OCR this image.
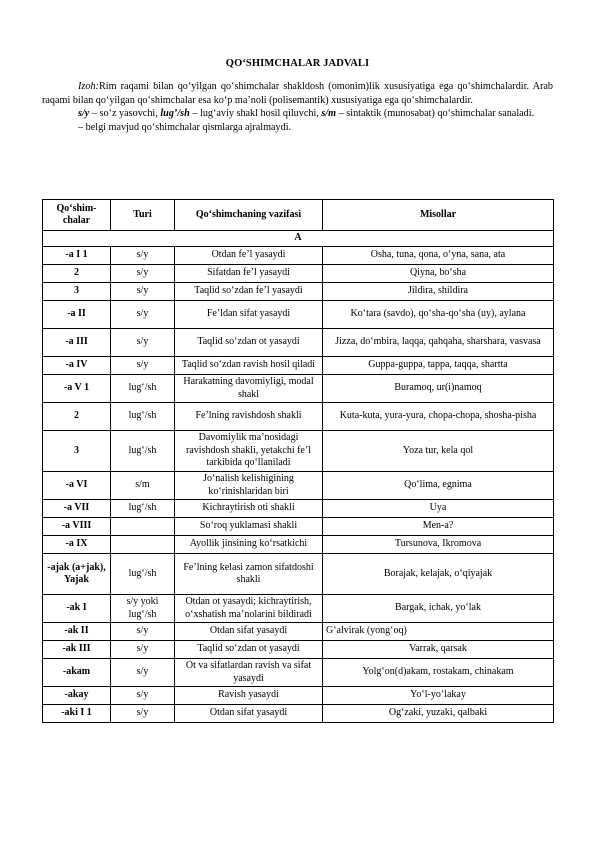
QO‘SHIMCHALAR JADVALI

Izoh:Rim raqami bilan qo‘yilgan qo‘shimchalar shakldosh (omonim)lik xususiyatiga ega qo‘shimchalardir. Arab raqami bilan qo‘yilgan qo‘shimchalar esa ko‘p ma’noli (polisemantik) xususiyatiga ega qo‘shimchalardir.

s/y – so‘z yasovchi, lug’/sh – lug‘aviy shakl hosil qiluvchi, s/m – sintaktik (munosabat) qo‘shimchalar sanaladi.

– belgi mavjud qo‘shimchalar qismlarga ajralmaydi.

Qo‘shim-chalar	Turi	Qo‘shimchaning vazifasi	Misollar
A			
-a I 1	s/y	Otdan fe’l yasaydi	Osha, tuna, qona, o‘yna, sana, ata
2	s/y	Sifatdan fe’l yasaydi	Qiyna, bo‘sha
3	s/y	Taqlid so‘zdan fe’l yasaydi	Jildira, shildira
-a II	s/y	Fe’ldan sifat yasaydi	Ko‘tara (savdo), qo‘sha-qo‘sha (uy), aylana
-a III	s/y	Taqlid so‘zdan ot yasaydi	Jizza, do‘mbira, laqqa, qahqaha, sharshara, vasvasa
-a IV	s/y	Taqlid so‘zdan ravish hosil qiladi	Guppa-guppa, tappa, taqqa, shartta
-a V 1	lug‘/sh	Harakatning davomiyligi, modal shakl	Buramoq, ur(i)namoq
2	lug‘/sh	Fe’lning ravishdosh shakli	Kuta-kuta, yura-yura, chopa-chopa, shosha-pisha
3	lug‘/sh	Davomiylik ma’nosidagi ravishdosh shakli, yetakchi fe’l tarkibida qo‘llaniladi	Yoza tur, kela qol
-a VI	s/m	Jo‘nalish kelishigining ko‘rinishlaridan biri	Qo‘lima, egnima
-a VII	lug‘/sh	Kichraytirish oti shakli	Uya
-a VIII		So‘roq yuklamasi shakli	Men-a?
-a IX		Ayollik jinsining ko‘rsatkichi	Tursunova, Ikromova
-ajak (a+jak), Yajak	lug‘/sh	Fe’lning kelasi zamon sifatdoshi shakli	Borajak, kelajak, o‘qiyajak
-ak I	s/y yoki lug‘/sh	Otdan ot yasaydi; kichraytirish, o‘xshatish ma’nolarini bildiradi	Bargak, ichak, yo‘lak
-ak II	s/y	Otdan sifat yasaydi	G‘alvirak (yong‘oq)
-ak III	s/y	Taqlid so‘zdan ot yasaydi	Varrak, qarsak
-akam	s/y	Ot va sifatlardan ravish va sifat yasaydi	Yolg‘on(d)akam, rostakam, chinakam
-akay	s/y	Ravish yasaydi	Yo‘l-yo‘lakay
-aki I 1	s/y	Otdan sifat yasaydi	Og‘zaki, yuzaki, qalbaki
